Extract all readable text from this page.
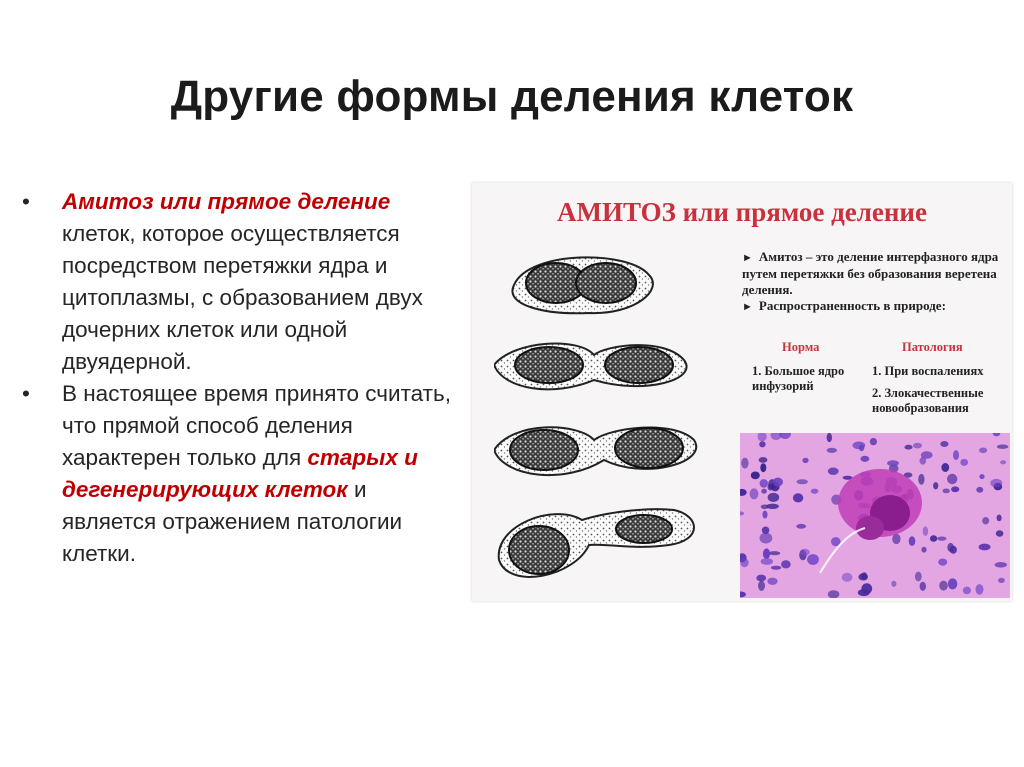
Другие формы деления клеток

• Амитоз или прямое деление клеток, которое осуществляется посредством перетяжки ядра и цитоплазмы, с образованием двух дочерних клеток или одной двуядерной.

• В настоящее время принято считать, что прямой способ деления характерен только для старых и дегенерирующих клеток и является отражением патологии клетки.

АМИТОЗ или прямое деление

► Амитоз – это деление интерфазного ядра путем перетяжки без образования веретена деления.

► Распространенность в природе:

Норма	Патология
1. Большое ядро инфузорий
1. При воспалениях
2. Злокачественные новообразования
